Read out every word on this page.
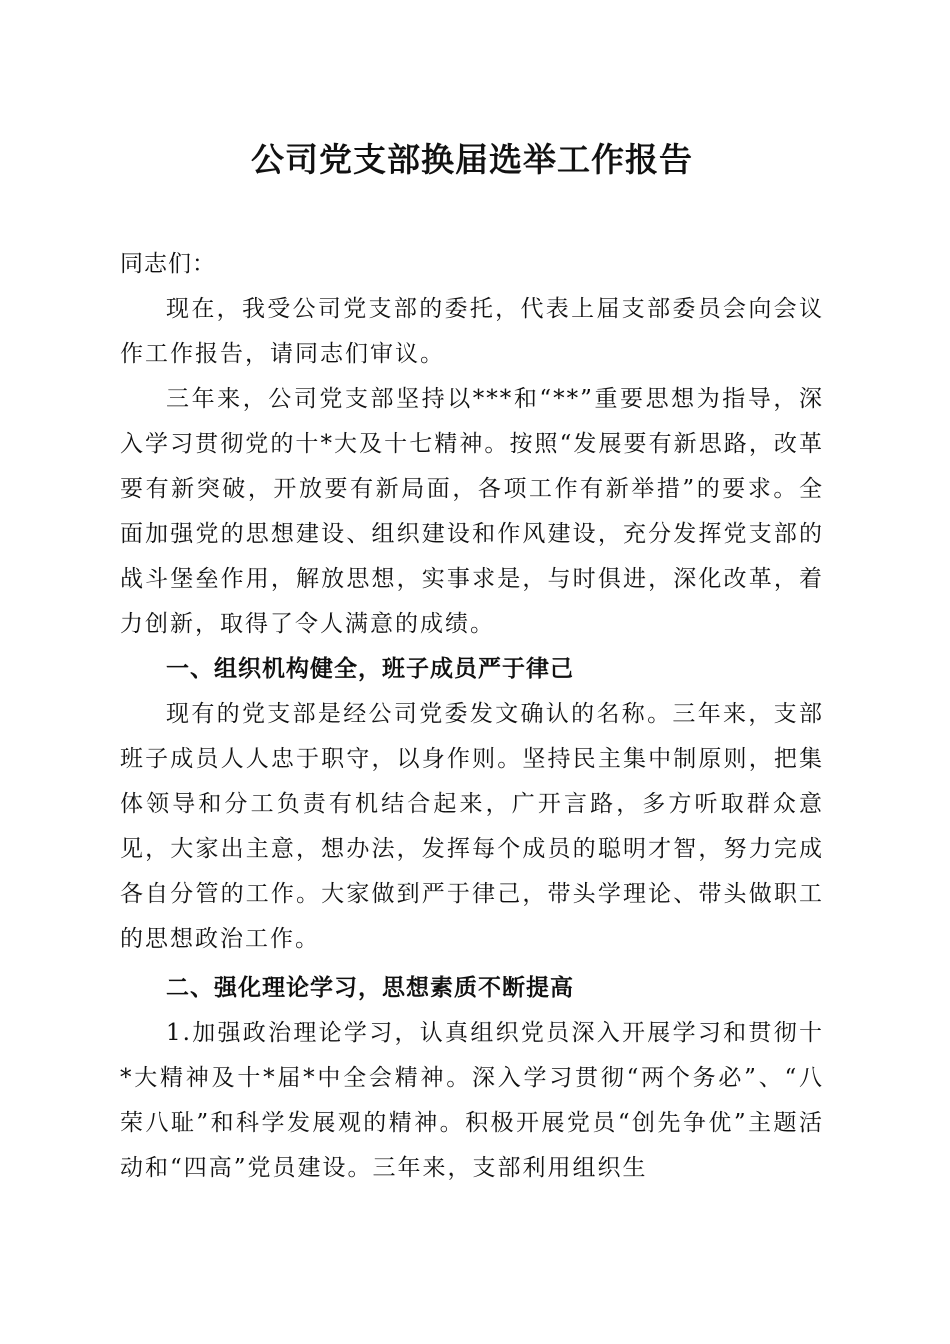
公司党支部换届选举工作报告

同志们：

现在，我受公司党支部的委托，代表上届支部委员会向会议作工作报告，请同志们审议。

三年来，公司党支部坚持以***和“**”重要思想为指导，深入学习贯彻党的十*大及十七精神。按照“发展要有新思路，改革要有新突破，开放要有新局面，各项工作有新举措”的要求。全面加强党的思想建设、组织建设和作风建设，充分发挥党支部的战斗堡垒作用，解放思想，实事求是，与时俱进，深化改革，着力创新，取得了令人满意的成绩。

一、组织机构健全，班子成员严于律己

现有的党支部是经公司党委发文确认的名称。三年来，支部班子成员人人忠于职守，以身作则。坚持民主集中制原则，把集体领导和分工负责有机结合起来，广开言路，多方听取群众意见，大家出主意，想办法，发挥每个成员的聪明才智，努力完成各自分管的工作。大家做到严于律己，带头学理论、带头做职工的思想政治工作。

二、强化理论学习，思想素质不断提高

1.加强政治理论学习，认真组织党员深入开展学习和贯彻十*大精神及十*届*中全会精神。深入学习贯彻“两个务必”、“八荣八耻”和科学发展观的精神。积极开展党员“创先争优”主题活动和“四高”党员建设。三年来，支部利用组织生
